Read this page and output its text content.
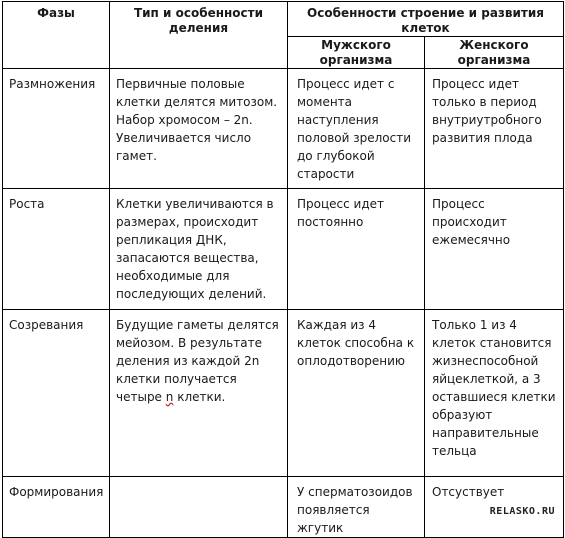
Фазы	Тип и особенности деления	Особенности строение и развития клеток	
		Мужского организма	Женского организма
Размножения	Первичные половые клетки делятся митозом. Набор хромосом – 2n. Увеличивается число гамет.	Процесс идет с момента наступления половой зрелости до глубокой старости	Процесс идет только в период внутриутробного развития плода
Роста	Клетки увеличиваются в размерах, происходит репликация ДНК, запасаются вещества, необходимые для последующих делений.	Процесс идет постоянно	Процесс происходит ежемесячно
Созревания	Будущие гаметы делятся мейозом. В результате деления из каждой 2n клетки получается четыре n клетки.	Каждая из 4 клеток способна к оплодотворению	Только 1 из 4 клеток становится жизнеспособной яйцеклеткой, а 3 оставшиеся клетки образуют направительные тельца
Формирования		У сперматозоидов появляется жгутик	Отсуствует
RELASKO.RU
